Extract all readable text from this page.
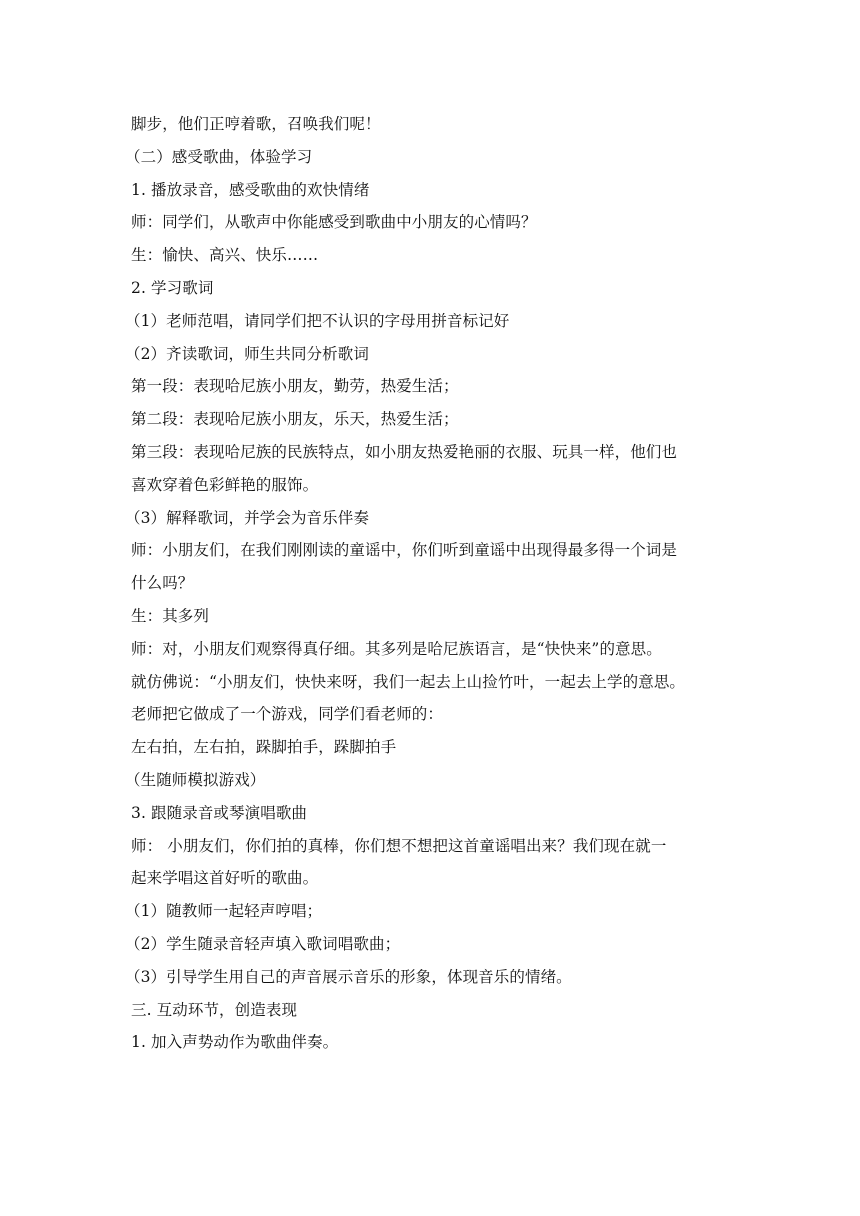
脚步，他们正哼着歌，召唤我们呢！
（二）感受歌曲，体验学习
1. 播放录音，感受歌曲的欢快情绪
师：同学们，从歌声中你能感受到歌曲中小朋友的心情吗？
生：愉快、高兴、快乐……
2. 学习歌词
（1）老师范唱，请同学们把不认识的字母用拼音标记好
（2）齐读歌词，师生共同分析歌词
第一段：表现哈尼族小朋友，勤劳，热爱生活；
第二段：表现哈尼族小朋友，乐天，热爱生活；
第三段：表现哈尼族的民族特点，如小朋友热爱艳丽的衣服、玩具一样，他们也
喜欢穿着色彩鲜艳的服饰。
（3）解释歌词，并学会为音乐伴奏
师：小朋友们，在我们刚刚读的童谣中，你们听到童谣中出现得最多得一个词是
什么吗？
生：其多列
师：对，小朋友们观察得真仔细。其多列是哈尼族语言，是“快快来”的意思。
就仿佛说：“小朋友们，快快来呀，我们一起去上山捡竹叶，一起去上学的意思。
老师把它做成了一个游戏，同学们看老师的：
左右拍，左右拍，跺脚拍手，跺脚拍手
（生随师模拟游戏）
3. 跟随录音或琴演唱歌曲
师： 小朋友们，你们拍的真棒，你们想不想把这首童谣唱出来？我们现在就一
起来学唱这首好听的歌曲。
（1）随教师一起轻声哼唱；
（2）学生随录音轻声填入歌词唱歌曲；
（3）引导学生用自己的声音展示音乐的形象，体现音乐的情绪。
三. 互动环节，创造表现
1. 加入声势动作为歌曲伴奏。
